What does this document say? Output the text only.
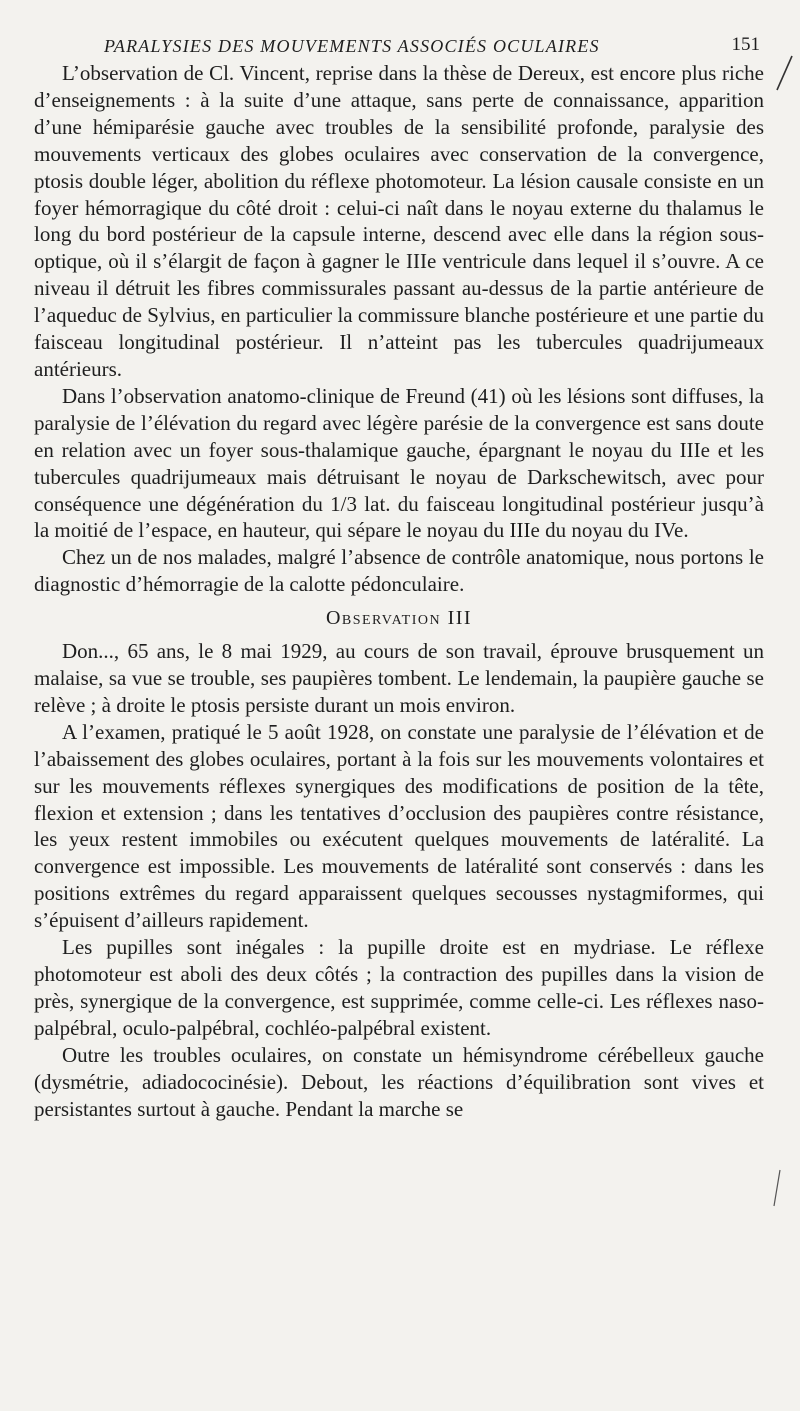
PARALYSIES DES MOUVEMENTS ASSOCIÉS OCULAIRES	151

L’observation de Cl. Vincent, reprise dans la thèse de Dereux, est encore plus riche d’enseignements : à la suite d’une attaque, sans perte de connaissance, apparition d’une hémiparésie gauche avec troubles de la sensibilité profonde, paralysie des mouvements verticaux des globes oculaires avec conservation de la convergence, ptosis double léger, abolition du réflexe photomoteur. La lésion causale consiste en un foyer hémorragique du côté droit : celui-ci naît dans le noyau externe du thalamus le long du bord postérieur de la capsule interne, descend avec elle dans la région sous-optique, où il s’élargit de façon à gagner le IIIe ventricule dans lequel il s’ouvre. A ce niveau il détruit les fibres commissurales passant au-dessus de la partie antérieure de l’aqueduc de Sylvius, en particulier la commissure blanche postérieure et une partie du faisceau longitudinal postérieur. Il n’atteint pas les tubercules quadrijumeaux antérieurs.

Dans l’observation anatomo-clinique de Freund (41) où les lésions sont diffuses, la paralysie de l’élévation du regard avec légère parésie de la convergence est sans doute en relation avec un foyer sous-thalamique gauche, épargnant le noyau du IIIe et les tubercules quadrijumeaux mais détruisant le noyau de Darkschewitsch, avec pour conséquence une dégénération du 1/3 lat. du faisceau longitudinal postérieur jusqu’à la moitié de l’espace, en hauteur, qui sépare le noyau du IIIe du noyau du IVe.

Chez un de nos malades, malgré l’absence de contrôle anatomique, nous portons le diagnostic d’hémorragie de la calotte pédonculaire.

Observation III

Don..., 65 ans, le 8 mai 1929, au cours de son travail, éprouve brusquement un malaise, sa vue se trouble, ses paupières tombent. Le lendemain, la paupière gauche se relève ; à droite le ptosis persiste durant un mois environ.

A l’examen, pratiqué le 5 août 1928, on constate une paralysie de l’élévation et de l’abaissement des globes oculaires, portant à la fois sur les mouvements volontaires et sur les mouvements réflexes synergiques des modifications de position de la tête, flexion et extension ; dans les tentatives d’occlusion des paupières contre résistance, les yeux restent immobiles ou exécutent quelques mouvements de latéralité. La convergence est impossible. Les mouvements de latéralité sont conservés : dans les positions extrêmes du regard apparaissent quelques secousses nystagmiformes, qui s’épuisent d’ailleurs rapidement.

Les pupilles sont inégales : la pupille droite est en mydriase. Le réflexe photomoteur est aboli des deux côtés ; la contraction des pupilles dans la vision de près, synergique de la convergence, est supprimée, comme celle-ci. Les réflexes naso-palpébral, oculo-palpébral, cochléo-palpébral existent.

Outre les troubles oculaires, on constate un hémisyndrome cérébelleux gauche (dysmétrie, adiadococinésie). Debout, les réactions d’équilibration sont vives et persistantes surtout à gauche. Pendant la marche se
